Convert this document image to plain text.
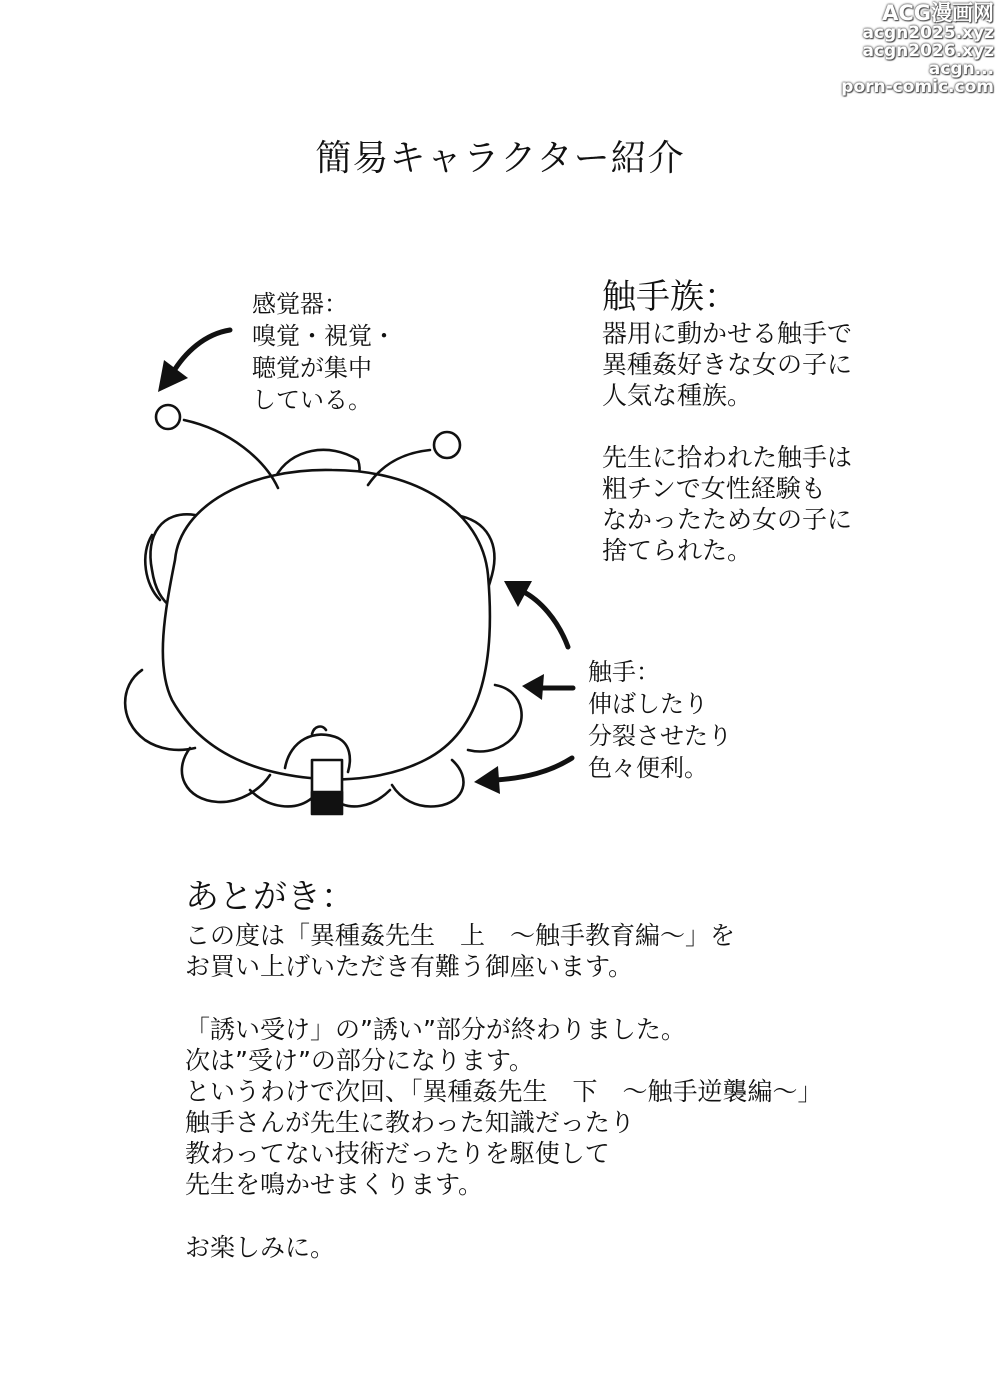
ACG漫画网
acgn2025.xyz
acgn2026.xyz
acgn...
porn-comic.com
簡易キャラクター紹介
感覚器：
嗅覚・視覚・
聴覚が集中
している。
触手：
伸ばしたり
分裂させたり
色々便利。
触手族：
器用に動かせる触手で
異種姦好きな女の子に
人気な種族。
先生に拾われた触手は
粗チンで女性経験も
なかったため女の子に
捨てられた。
あとがき：
この度は「異種姦先生　上　～触手教育編～」を
お買い上げいただき有難う御座います。
「誘い受け」の”誘い”部分が終わりました。
次は”受け”の部分になります。
というわけで次回、「異種姦先生　下　～触手逆襲編～」
触手さんが先生に教わった知識だったり
教わってない技術だったりを駆使して
先生を鳴かせまくります。
お楽しみに。
